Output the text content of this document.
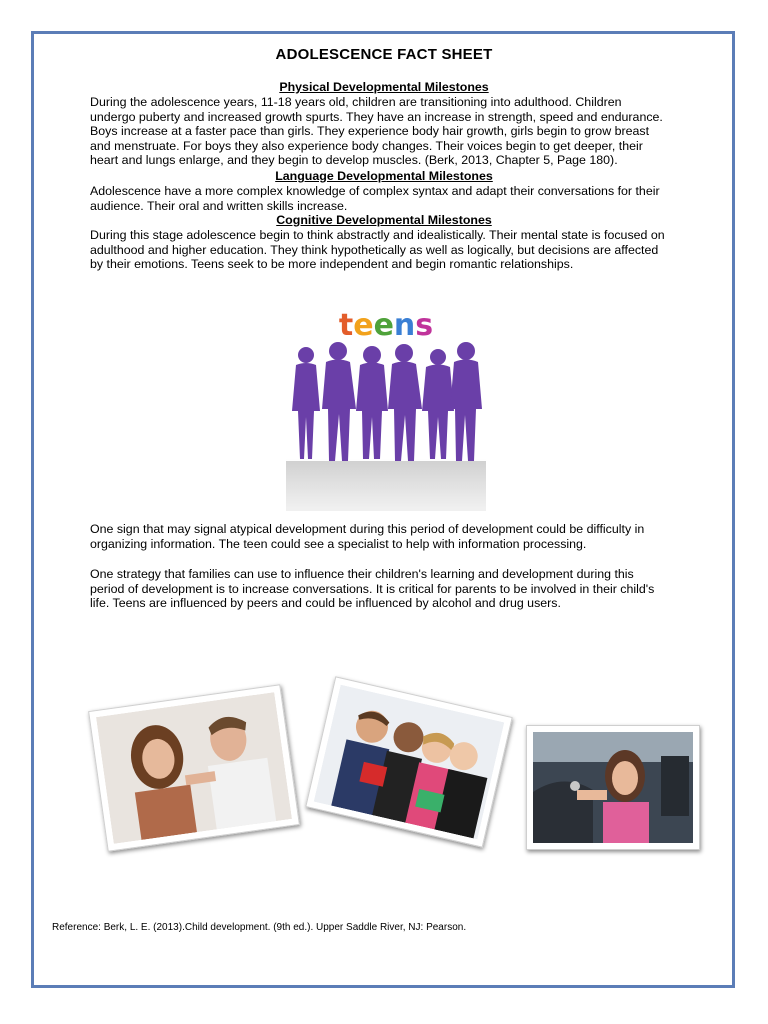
ADOLESCENCE FACT SHEET
Physical Developmental Milestones
During the adolescence years, 11-18 years old, children are transitioning into adulthood. Children
undergo puberty and increased growth spurts. They have an increase in strength, speed and endurance.
Boys increase at a faster pace than girls. They experience body hair growth, girls begin to grow breast
and menstruate. For boys they also experience body changes. Their voices begin to get deeper, their
heart and lungs enlarge, and they begin to develop muscles. (Berk, 2013, Chapter 5, Page 180).
Language Developmental Milestones
Adolescence have a more complex knowledge of complex syntax and adapt their conversations for their
audience. Their oral and written skills increase.
Cognitive Developmental Milestones
During this stage adolescence begin to think abstractly and idealistically. Their mental state is focused on
adulthood and higher education. They think hypothetically as well as logically, but decisions are affected
by their emotions. Teens seek to be more independent and begin romantic relationships.
teens
One sign that may signal atypical development during this period of development could be difficulty in
organizing information. The teen could see a specialist to help with information processing.
One strategy that families can use to influence their children's learning and development during this
period of development is to increase conversations. It is critical for parents to be involved in their child's
life. Teens are influenced by peers and could be influenced by alcohol and drug users.
Reference: Berk, L. E. (2013).Child development. (9th ed.). Upper Saddle River, NJ: Pearson.
